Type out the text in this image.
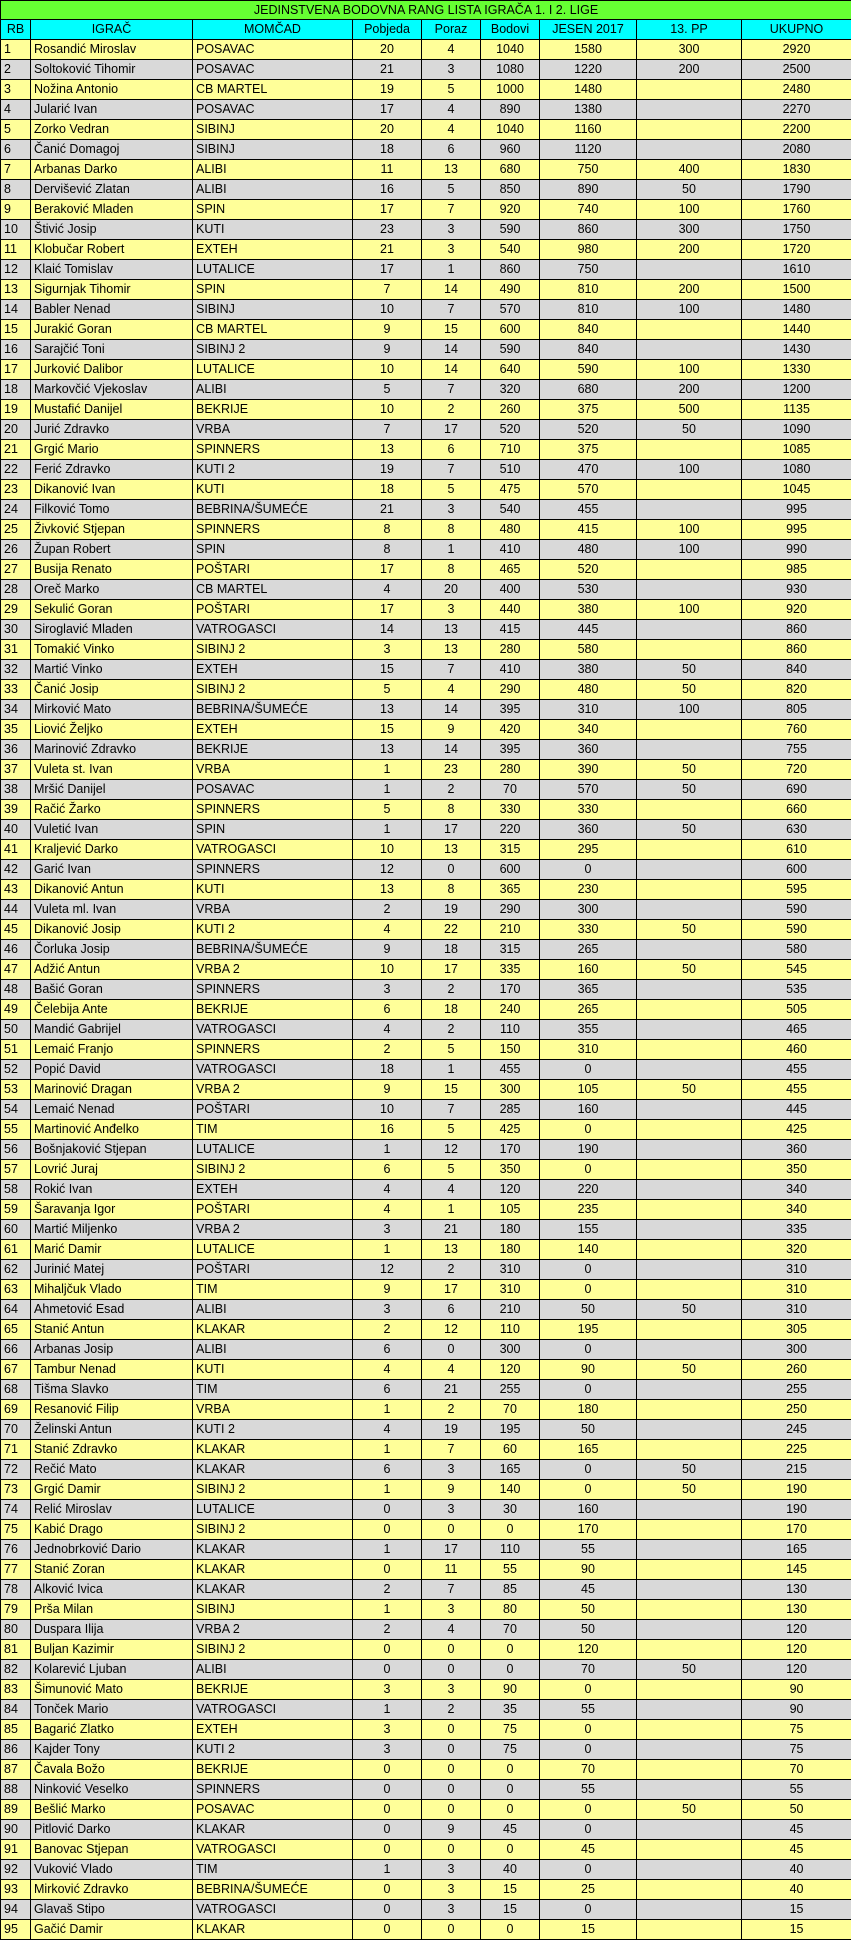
JEDINSTVENA BODOVNA RANG LISTA IGRAČA 1. I 2. LIGE								
RB	IGRAČ	MOMČAD	Pobjeda	Poraz	Bodovi	JESEN 2017	13. PP	UKUPNO
1	Rosandić Miroslav	POSAVAC	20	4	1040	1580	300	2920
2	Soltoković Tihomir	POSAVAC	21	3	1080	1220	200	2500
3	Nožina Antonio	CB MARTEL	19	5	1000	1480		2480
4	Jularić Ivan	POSAVAC	17	4	890	1380		2270
5	Zorko Vedran	SIBINJ	20	4	1040	1160		2200
6	Čanić Domagoj	SIBINJ	18	6	960	1120		2080
7	Arbanas Darko	ALIBI	11	13	680	750	400	1830
8	Dervišević Zlatan	ALIBI	16	5	850	890	50	1790
9	Beraković Mladen	SPIN	17	7	920	740	100	1760
10	Štivić Josip	KUTI	23	3	590	860	300	1750
11	Klobučar Robert	EXTEH	21	3	540	980	200	1720
12	Klaić Tomislav	LUTALICE	17	1	860	750		1610
13	Sigurnjak Tihomir	SPIN	7	14	490	810	200	1500
14	Babler Nenad	SIBINJ	10	7	570	810	100	1480
15	Jurakić Goran	CB MARTEL	9	15	600	840		1440
16	Sarajčić Toni	SIBINJ 2	9	14	590	840		1430
17	Jurković Dalibor	LUTALICE	10	14	640	590	100	1330
18	Markovčić Vjekoslav	ALIBI	5	7	320	680	200	1200
19	Mustafić Danijel	BEKRIJE	10	2	260	375	500	1135
20	Jurić Zdravko	VRBA	7	17	520	520	50	1090
21	Grgić Mario	SPINNERS	13	6	710	375		1085
22	Ferić Zdravko	KUTI 2	19	7	510	470	100	1080
23	Dikanović Ivan	KUTI	18	5	475	570		1045
24	Filković Tomo	BEBRINA/ŠUMEĆE	21	3	540	455		995
25	Živković Stjepan	SPINNERS	8	8	480	415	100	995
26	Župan Robert	SPIN	8	1	410	480	100	990
27	Busija Renato	POŠTARI	17	8	465	520		985
28	Oreč Marko	CB MARTEL	4	20	400	530		930
29	Sekulić Goran	POŠTARI	17	3	440	380	100	920
30	Siroglavić Mladen	VATROGASCI	14	13	415	445		860
31	Tomakić Vinko	SIBINJ 2	3	13	280	580		860
32	Martić Vinko	EXTEH	15	7	410	380	50	840
33	Čanić Josip	SIBINJ 2	5	4	290	480	50	820
34	Mirković Mato	BEBRINA/ŠUMEĆE	13	14	395	310	100	805
35	Liović Željko	EXTEH	15	9	420	340		760
36	Marinović Zdravko	BEKRIJE	13	14	395	360		755
37	Vuleta st. Ivan	VRBA	1	23	280	390	50	720
38	Mršić Danijel	POSAVAC	1	2	70	570	50	690
39	Račić Žarko	SPINNERS	5	8	330	330		660
40	Vuletić Ivan	SPIN	1	17	220	360	50	630
41	Kraljević Darko	VATROGASCI	10	13	315	295		610
42	Garić Ivan	SPINNERS	12	0	600	0		600
43	Dikanović Antun	KUTI	13	8	365	230		595
44	Vuleta ml. Ivan	VRBA	2	19	290	300		590
45	Dikanović Josip	KUTI 2	4	22	210	330	50	590
46	Čorluka Josip	BEBRINA/ŠUMEĆE	9	18	315	265		580
47	Adžić Antun	VRBA 2	10	17	335	160	50	545
48	Bašić Goran	SPINNERS	3	2	170	365		535
49	Čelebija Ante	BEKRIJE	6	18	240	265		505
50	Mandić Gabrijel	VATROGASCI	4	2	110	355		465
51	Lemaić Franjo	SPINNERS	2	5	150	310		460
52	Popić David	VATROGASCI	18	1	455	0		455
53	Marinović Dragan	VRBA 2	9	15	300	105	50	455
54	Lemaić Nenad	POŠTARI	10	7	285	160		445
55	Martinović Anđelko	TIM	16	5	425	0		425
56	Bošnjaković Stjepan	LUTALICE	1	12	170	190		360
57	Lovrić Juraj	SIBINJ 2	6	5	350	0		350
58	Rokić Ivan	EXTEH	4	4	120	220		340
59	Šaravanja Igor	POŠTARI	4	1	105	235		340
60	Martić Miljenko	VRBA 2	3	21	180	155		335
61	Marić Damir	LUTALICE	1	13	180	140		320
62	Jurinić Matej	POŠTARI	12	2	310	0		310
63	Mihaljčuk Vlado	TIM	9	17	310	0		310
64	Ahmetović Esad	ALIBI	3	6	210	50	50	310
65	Stanić Antun	KLAKAR	2	12	110	195		305
66	Arbanas Josip	ALIBI	6	0	300	0		300
67	Tambur Nenad	KUTI	4	4	120	90	50	260
68	Tišma Slavko	TIM	6	21	255	0		255
69	Resanović Filip	VRBA	1	2	70	180		250
70	Želinski Antun	KUTI 2	4	19	195	50		245
71	Stanić Zdravko	KLAKAR	1	7	60	165		225
72	Rečić Mato	KLAKAR	6	3	165	0	50	215
73	Grgić Damir	SIBINJ 2	1	9	140	0	50	190
74	Relić Miroslav	LUTALICE	0	3	30	160		190
75	Kabić Drago	SIBINJ 2	0	0	0	170		170
76	Jednobrković Dario	KLAKAR	1	17	110	55		165
77	Stanić Zoran	KLAKAR	0	11	55	90		145
78	Alković Ivica	KLAKAR	2	7	85	45		130
79	Prša Milan	SIBINJ	1	3	80	50		130
80	Duspara Ilija	VRBA 2	2	4	70	50		120
81	Buljan Kazimir	SIBINJ 2	0	0	0	120		120
82	Kolarević Ljuban	ALIBI	0	0	0	70	50	120
83	Šimunović Mato	BEKRIJE	3	3	90	0		90
84	Tonček Mario	VATROGASCI	1	2	35	55		90
85	Bagarić Zlatko	EXTEH	3	0	75	0		75
86	Kajder Tony	KUTI 2	3	0	75	0		75
87	Čavala Božo	BEKRIJE	0	0	0	70		70
88	Ninković Veselko	SPINNERS	0	0	0	55		55
89	Bešlić Marko	POSAVAC	0	0	0	0	50	50
90	Pitlović Darko	KLAKAR	0	9	45	0		45
91	Banovac Stjepan	VATROGASCI	0	0	0	45		45
92	Vuković Vlado	TIM	1	3	40	0		40
93	Mirković Zdravko	BEBRINA/ŠUMEĆE	0	3	15	25		40
94	Glavaš Stipo	VATROGASCI	0	3	15	0		15
95	Gačić Damir	KLAKAR	0	0	0	15		15
